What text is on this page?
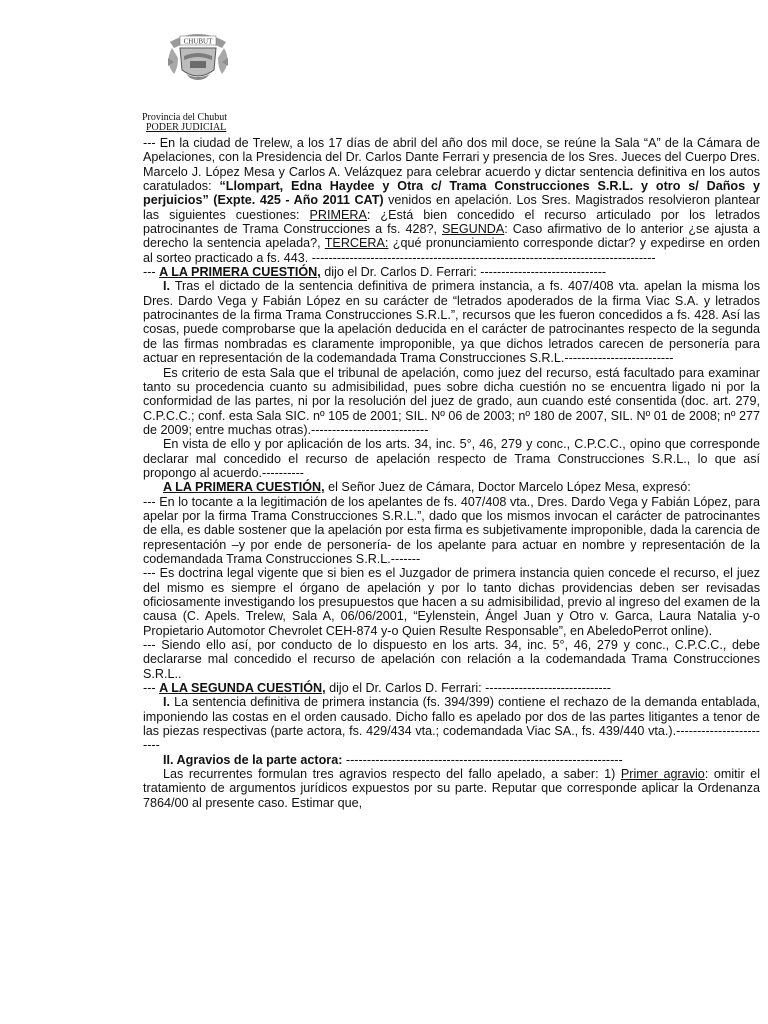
CHUBUT
Provincia del Chubut
PODER JUDICIAL

--- En la ciudad de Trelew, a los 17 días de abril del año dos mil doce, se reúne la Sala “A” de la Cámara de Apelaciones, con la Presidencia del Dr. Carlos Dante Ferrari y presencia de los Sres. Jueces del Cuerpo Dres. Marcelo J. López Mesa y Carlos A. Velázquez para celebrar acuerdo y dictar sentencia definitiva en los autos caratulados: “Llompart, Edna Haydee y Otra c/ Trama Construcciones S.R.L. y otro s/ Daños y perjuicios” (Expte. 425 - Año 2011 CAT) venidos en apelación. Los Sres. Magistrados resolvieron plantear las siguientes cuestiones: PRIMERA: ¿Está bien concedido el recurso articulado por los letrados patrocinantes de Trama Construcciones a fs. 428?, SEGUNDA: Caso afirmativo de lo anterior ¿se ajusta a derecho la sentencia apelada?, TERCERA: ¿qué pronunciamiento corresponde dictar? y expedirse en orden al sorteo practicado a fs. 443. ----------------------------------------------------------------------------------

--- A LA PRIMERA CUESTIÓN, dijo el Dr. Carlos D. Ferrari: ------------------------------

I. Tras el dictado de la sentencia definitiva de primera instancia, a fs. 407/408 vta. apelan la misma los Dres. Dardo Vega y Fabián López en su carácter de “letrados apoderados de la firma Viac S.A. y letrados patrocinantes de la firma Trama Construcciones S.R.L.”, recursos que les fueron concedidos a fs. 428. Así las cosas, puede comprobarse que la apelación deducida en el carácter de patrocinantes respecto de la segunda de las firmas nombradas es claramente improponible, ya que dichos letrados carecen de personería para actuar en representación de la codemandada Trama Construcciones S.R.L.--------------------------

Es criterio de esta Sala que el tribunal de apelación, como juez del recurso, está facultado para examinar tanto su procedencia cuanto su admisibilidad, pues sobre dicha cuestión no se encuentra ligado ni por la conformidad de las partes, ni por la resolución del juez de grado, aun cuando esté consentida (doc. art. 279, C.P.C.C.; conf. esta Sala SIC. nº 105 de 2001; SIL. Nº 06 de 2003; nº 180 de 2007, SIL. Nº 01 de 2008; nº 277 de 2009; entre muchas otras).----------------------------

En vista de ello y por aplicación de los arts. 34, inc. 5°, 46, 279 y conc., C.P.C.C., opino que corresponde declarar mal concedido el recurso de apelación respecto de Trama Construcciones S.R.L., lo que así propongo al acuerdo.----------

A LA PRIMERA CUESTIÓN, el Señor Juez de Cámara, Doctor Marcelo López Mesa, expresó:

--- En lo tocante a la legitimación de los apelantes de fs. 407/408 vta., Dres. Dardo Vega y Fabián López, para apelar por la firma Trama Construcciones S.R.L.”, dado que los mismos invocan el carácter de patrocinantes de ella, es dable sostener que la apelación por esta firma es subjetivamente improponible, dada la carencia de representación –y por ende de personería- de los apelante para actuar en nombre y representación de la codemandada Trama Construcciones S.R.L.-------

--- Es doctrina legal vigente que si bien es el Juzgador de primera instancia quien concede el recurso, el juez del mismo es siempre el órgano de apelación y por lo tanto dichas providencias deben ser revisadas oficiosamente investigando los presupuestos que hacen a su admisibilidad, previo al ingreso del examen de la causa (C. Apels. Trelew, Sala A, 06/06/2001, “Eylenstein, Ángel Juan y Otro v. Garca, Laura Natalia y-o Propietario Automotor Chevrolet CEH-874 y-o Quien Resulte Responsable”, en AbeledoPerrot online).

--- Siendo ello así, por conducto de lo dispuesto en los arts. 34, inc. 5°, 46, 279 y conc., C.P.C.C., debe declararse mal concedido el recurso de apelación con relación a la codemandada Trama Construcciones S.R.L..

--- A LA SEGUNDA CUESTIÓN, dijo el Dr. Carlos D. Ferrari: ------------------------------

I. La sentencia definitiva de primera instancia (fs. 394/399) contiene el rechazo de la demanda entablada, imponiendo las costas en el orden causado. Dicho fallo es apelado por dos de las partes litigantes a tenor de las piezas respectivas (parte actora, fs. 429/434 vta.; codemandada Viac SA., fs. 439/440 vta.).------------------------

II. Agravios de la parte actora: ------------------------------------------------------------------

Las recurrentes formulan tres agravios respecto del fallo apelado, a saber: 1) Primer agravio: omitir el tratamiento de argumentos jurídicos expuestos por su parte. Reputar que corresponde aplicar la Ordenanza 7864/00 al presente caso. Estimar que,
